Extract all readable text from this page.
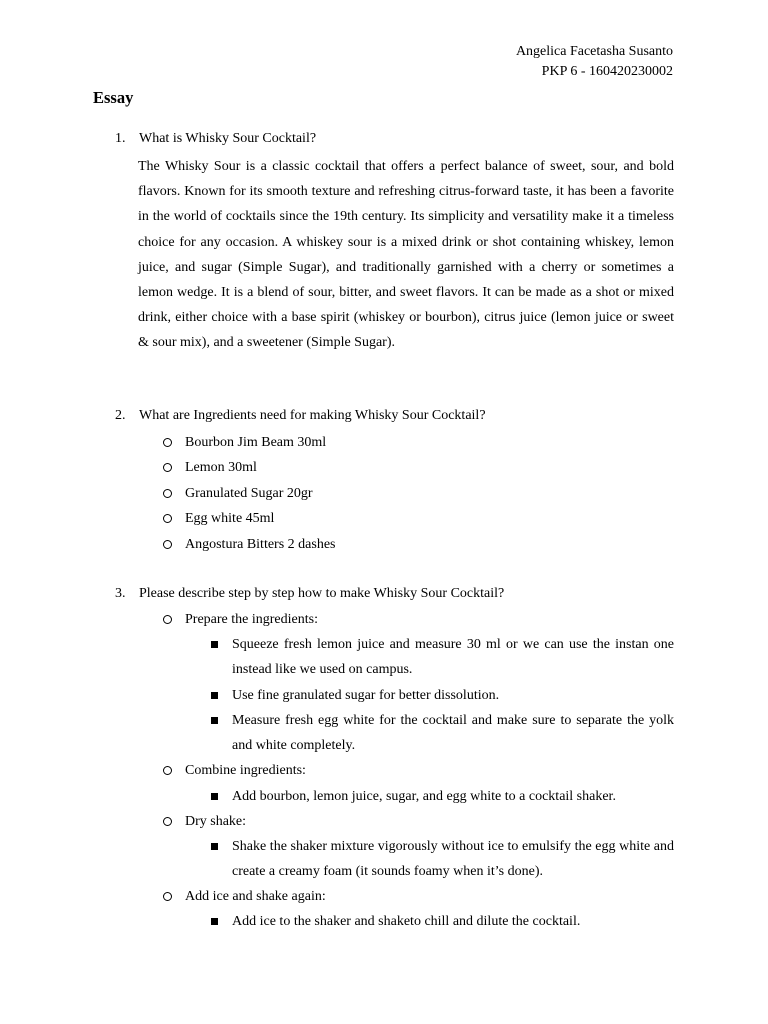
Angelica Facetasha Susanto
PKP 6 - 160420230002
Essay
1. What is Whisky Sour Cocktail?
The Whisky Sour is a classic cocktail that offers a perfect balance of sweet, sour, and bold flavors. Known for its smooth texture and refreshing citrus-forward taste, it has been a favorite in the world of cocktails since the 19th century. Its simplicity and versatility make it a timeless choice for any occasion. A whiskey sour is a mixed drink or shot containing whiskey, lemon juice, and sugar (Simple Sugar), and traditionally garnished with a cherry or sometimes a lemon wedge. It is a blend of sour, bitter, and sweet flavors. It can be made as a shot or mixed drink, either choice with a base spirit (whiskey or bourbon), citrus juice (lemon juice or sweet & sour mix), and a sweetener (Simple Sugar).
2. What are Ingredients need for making Whisky Sour Cocktail?
Bourbon Jim Beam 30ml
Lemon 30ml
Granulated Sugar 20gr
Egg white 45ml
Angostura Bitters 2 dashes
3. Please describe step by step how to make Whisky Sour Cocktail?
Prepare the ingredients:
Squeeze fresh lemon juice and measure 30 ml or we can use the instan one instead like we used on campus.
Use fine granulated sugar for better dissolution.
Measure fresh egg white for the cocktail and make sure to separate the yolk and white completely.
Combine ingredients:
Add bourbon, lemon juice, sugar, and egg white to a cocktail shaker.
Dry shake:
Shake the shaker mixture vigorously without ice to emulsify the egg white and create a creamy foam (it sounds foamy when it’s done).
Add ice and shake again:
Add ice to the shaker and shaketo chill and dilute the cocktail.
